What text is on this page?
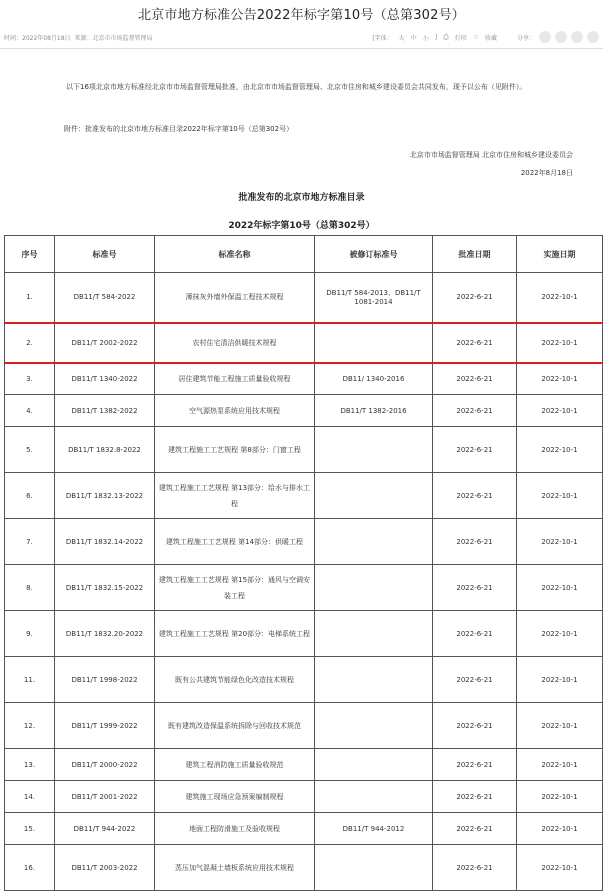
北京市地方标准公告2022年标字第10号（总第302号）
时间：2022年08月18日 来源：北京市市场监督管理局	[字体： 大 中 小 ] ⎙ 打印 ☆ 收藏	分享：
以下16项北京市地方标准经北京市市场监督管理局批准，由北京市市场监督管理局、北京市住房和城乡建设委员会共同发布，现予以公布（见附件）。
附件：批准发布的北京市地方标准目录2022年标字第10号（总第302号）
北京市市场监督管理局 北京市住房和城乡建设委员会
2022年8月18日
批准发布的北京市地方标准目录
2022年标字第10号（总第302号）
序号	标准号	标准名称	被修订标准号	批准日期	实施日期
1.	DB11/T 584-2022	薄抹灰外墙外保温工程技术规程	DB11/T 584-2013、DB11/T 1081-2014	2022-6-21	2022-10-1
2.	DB11/T 2002-2022	农村住宅清洁供暖技术规程		2022-6-21	2022-10-1
3.	DB11/T 1340-2022	居住建筑节能工程施工质量验收规程	DB11/ 1340-2016	2022-6-21	2022-10-1
4.	DB11/T 1382-2022	空气源热泵系统应用技术规程	DB11/T 1382-2016	2022-6-21	2022-10-1
5.	DB11/T 1832.8-2022	建筑工程施工工艺规程 第8部分：门窗工程		2022-6-21	2022-10-1
6.	DB11/T 1832.13-2022	建筑工程施工工艺规程 第13部分：给水与排水工程		2022-6-21	2022-10-1
7.	DB11/T 1832.14-2022	建筑工程施工工艺规程 第14部分：供暖工程		2022-6-21	2022-10-1
8.	DB11/T 1832.15-2022	建筑工程施工工艺规程 第15部分：通风与空调安装工程		2022-6-21	2022-10-1
9.	DB11/T 1832.20-2022	建筑工程施工工艺规程 第20部分：电梯系统工程		2022-6-21	2022-10-1
11.	DB11/T 1998-2022	既有公共建筑节能绿色化改造技术规程		2022-6-21	2022-10-1
12.	DB11/T 1999-2022	既有建筑改造保温系统拆除与回收技术规范		2022-6-21	2022-10-1
13.	DB11/T 2000-2022	建筑工程消防施工质量验收规范		2022-6-21	2022-10-1
14.	DB11/T 2001-2022	建筑施工现场应急预案编制规程		2022-6-21	2022-10-1
15.	DB11/T 944-2022	地面工程防滑施工及验收规程	DB11/T 944-2012	2022-6-21	2022-10-1
16.	DB11/T 2003-2022	蒸压加气混凝土墙板系统应用技术规程		2022-6-21	2022-10-1
